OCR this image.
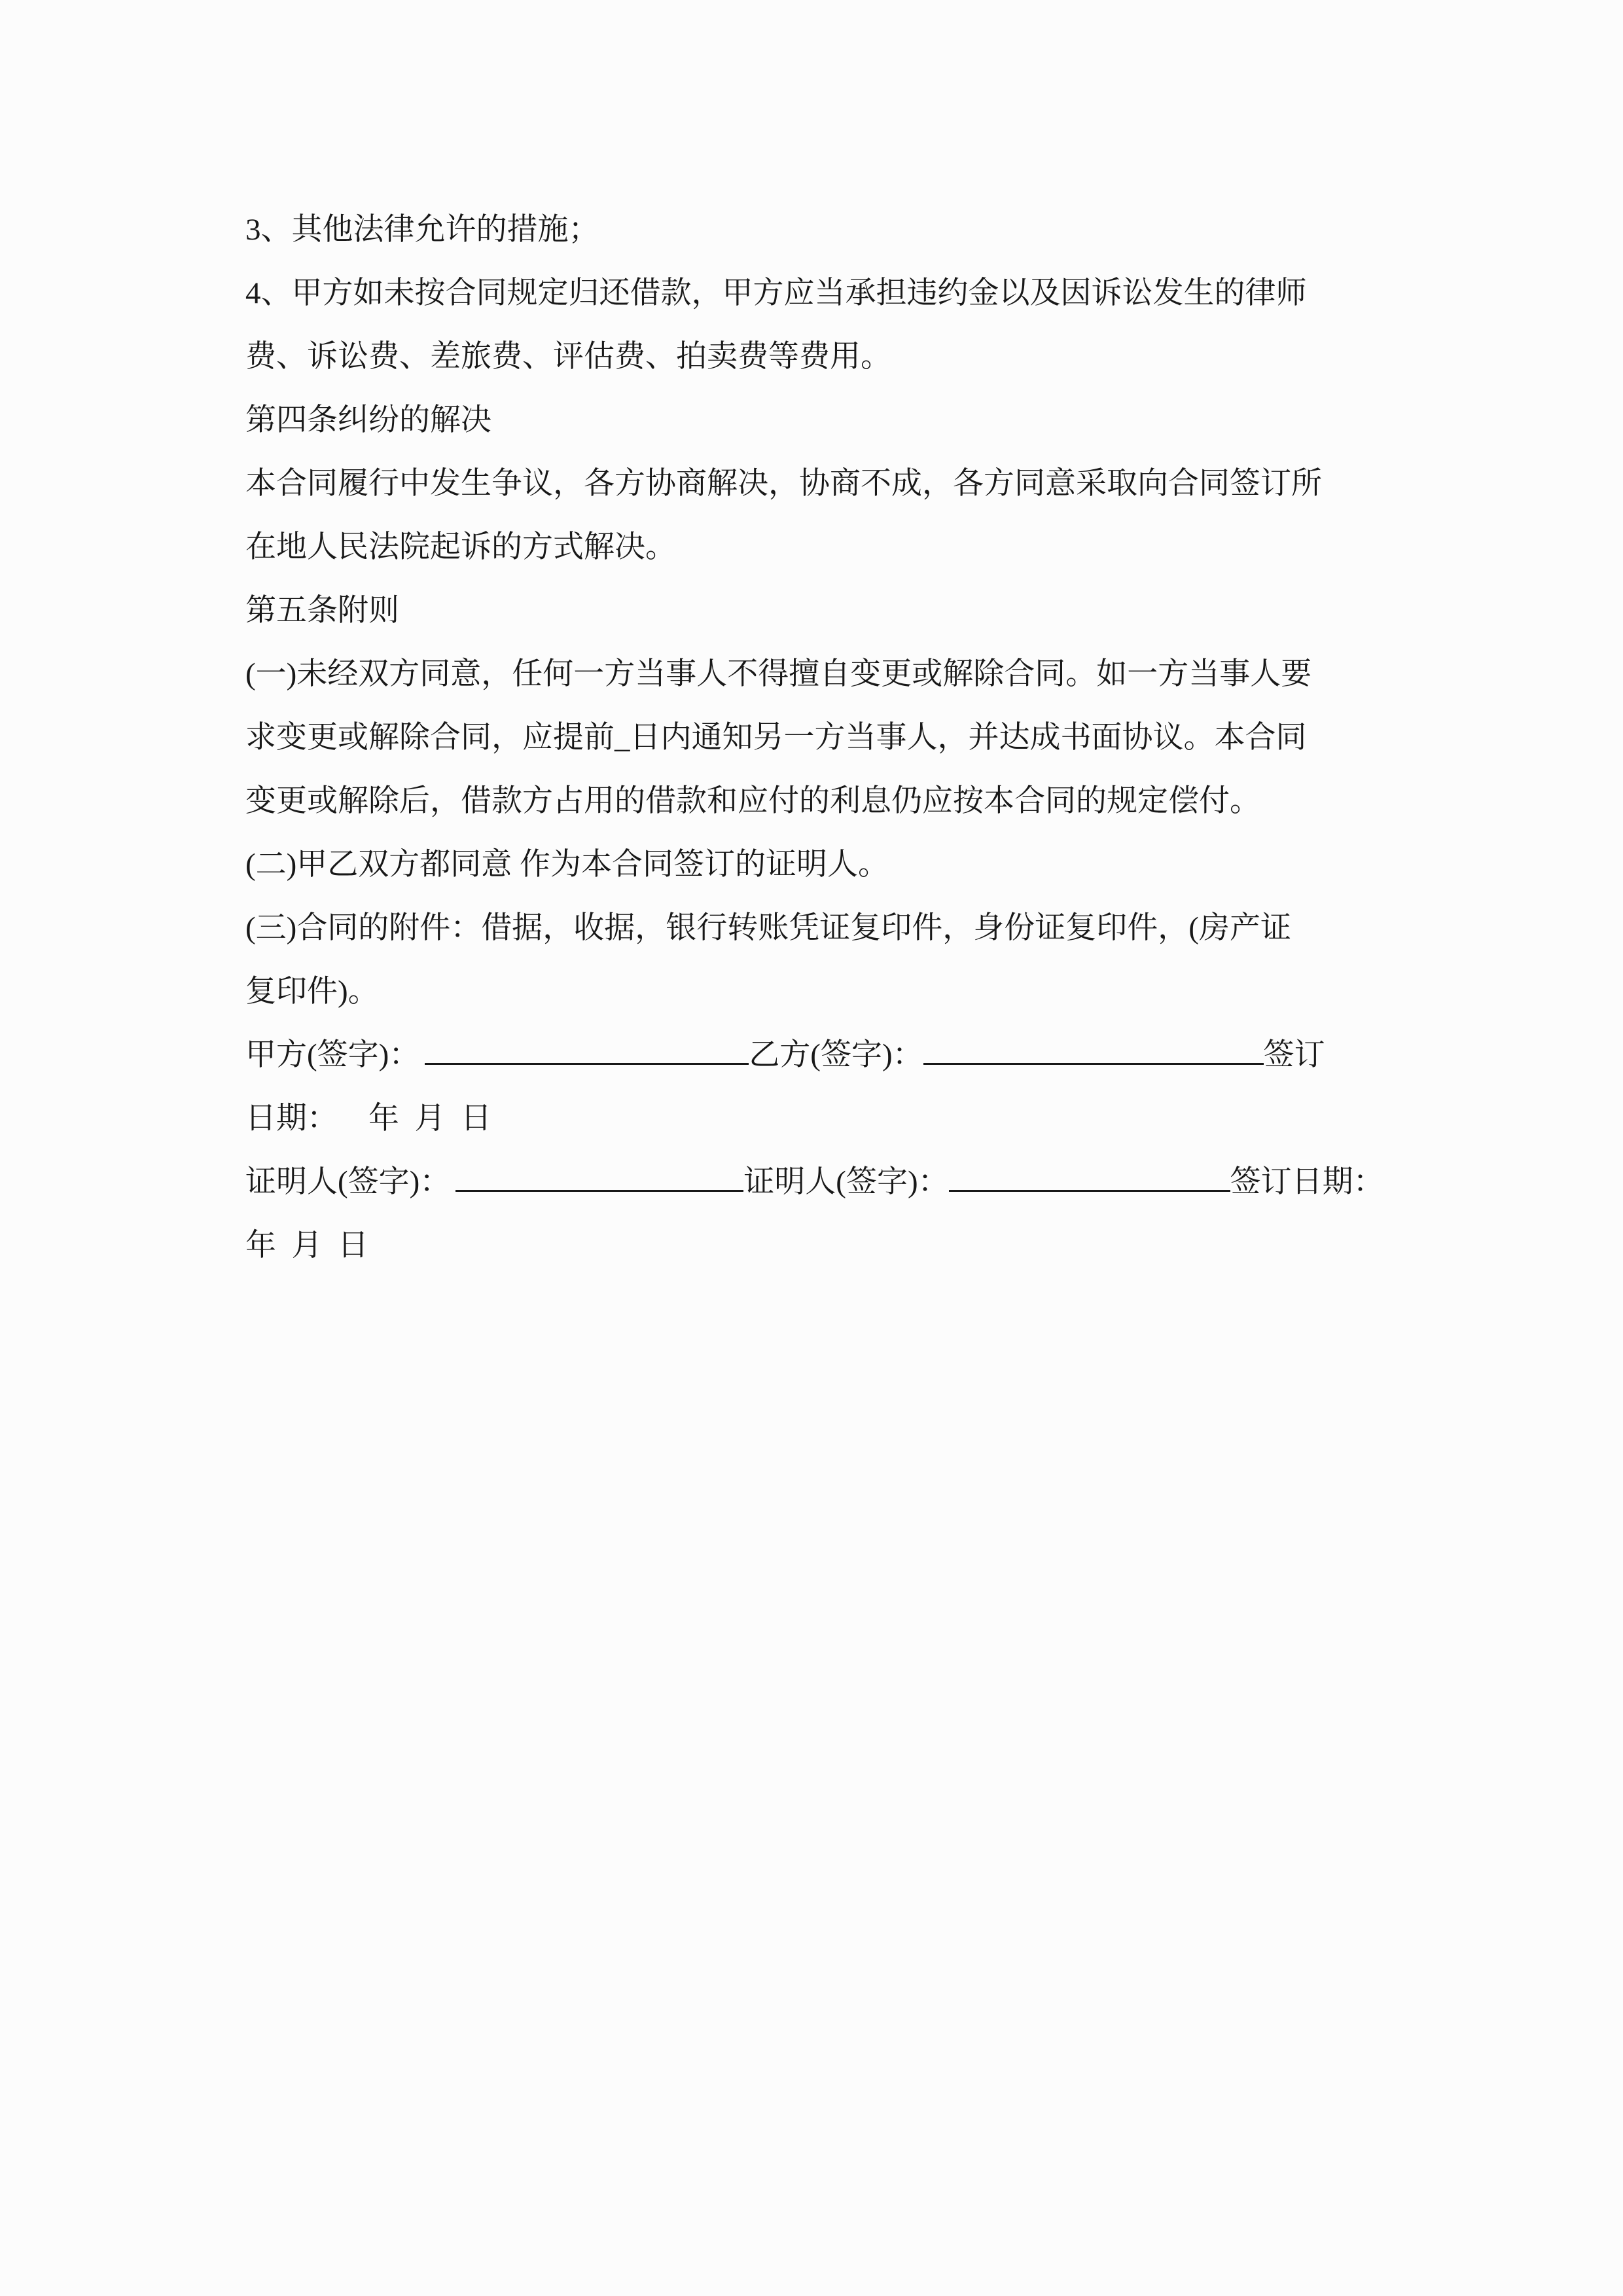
3、其他法律允许的措施；

4、甲方如未按合同规定归还借款，甲方应当承担违约金以及因诉讼发生的律师

费、诉讼费、差旅费、评估费、拍卖费等费用。

第四条纠纷的解决

本合同履行中发生争议，各方协商解决，协商不成，各方同意采取向合同签订所

在地人民法院起诉的方式解决。

第五条附则

(一)未经双方同意，任何一方当事人不得擅自变更或解除合同。如一方当事人要

求变更或解除合同，应提前_日内通知另一方当事人，并达成书面协议。本合同

变更或解除后，借款方占用的借款和应付的利息仍应按本合同的规定偿付。

(二)甲乙双方都同意 作为本合同签订的证明人。

(三)合同的附件：借据，收据，银行转账凭证复印件，身份证复印件，(房产证

复印件)。

甲方(签字)：	乙方(签字)：	签订

日期：    年  月  日

证明人(签字)：	证明人(签字)：	签订日期：

年  月  日
